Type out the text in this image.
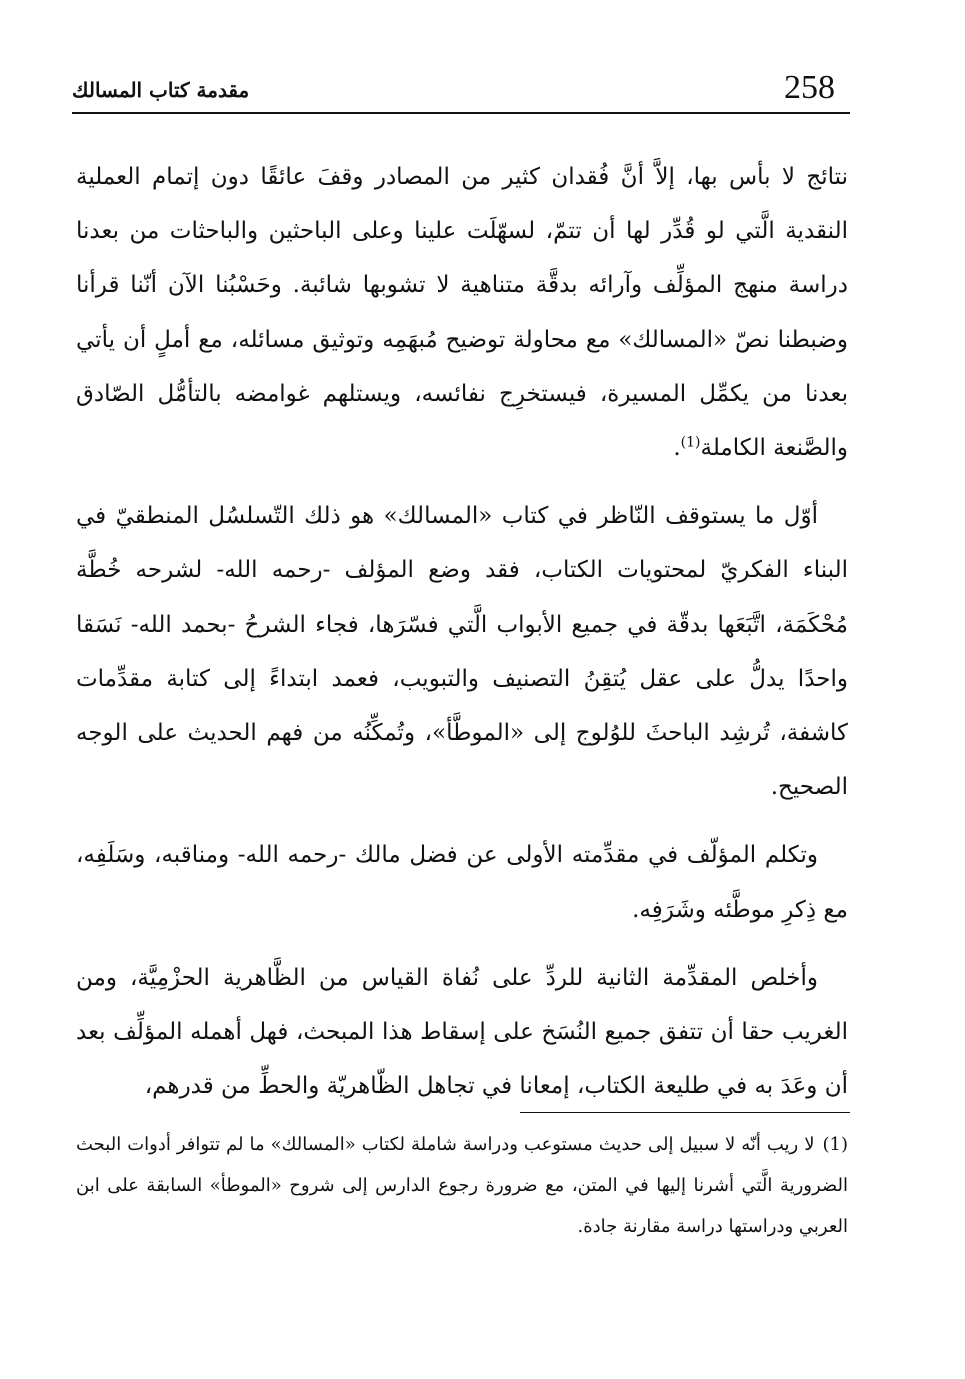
258
مقدمة كتاب المسالك

نتائج لا بأس بها، إلاَّ أنَّ فُقدان كثير من المصادر وقفَ عائقًا دون إتمام العملية النقدية الَّتي لو قُدِّر لها أن تتمّ، لسهّلَت علينا وعلى الباحثين والباحثات من بعدنا دراسة منهج المؤلِّف وآرائه بدقَّة متناهية لا تشوبها شائبة. وحَسْبُنا الآن أنّنا قرأنا وضبطنا نصّ «المسالك» مع محاولة توضيح مُبهَمِه وتوثيق مسائله، مع أملٍ أن يأتي بعدنا من يكمِّل المسيرة، فيستخرِج نفائسه، ويستلهم غوامضه بالتأمُّل الصّادق والصَّنعة الكاملة$^{(1)}$.

أوّل ما يستوقف النّاظر في كتاب «المسالك» هو ذلك التّسلسُل المنطقيّ في البناء الفكريّ لمحتويات الكتاب، فقد وضع المؤلف -رحمه الله- لشرحه خُطَّة مُحْكَمَة، اتَّبَعَها بدقّة في جميع الأبواب الَّتي فسّرَها، فجاء الشرحُ -بحمد الله- نَسَقا واحدًا يدلُّ على عقل يُتقِنُ التصنيف والتبويب، فعمد ابتداءً إلى كتابة مقدِّمات كاشفة، تُرشِد الباحثَ للوُلوج إلى «الموطَّأ»، وتُمكِّنُه من فهم الحديث على الوجه الصحيح.

وتكلم المؤلّف في مقدِّمته الأولى عن فضل مالك -رحمه الله- ومناقبه، وسَلَفِه، مع ذِكرِ موطَّئه وشَرَفِه.

وأخلص المقدِّمة الثانية للردِّ على نُفاة القياس من الظَّاهرية الحزْمِيَّة، ومن الغريب حقا أن تتفق جميع النُسَخ على إسقاط هذا المبحث، فهل أهمله المؤلِّف بعد أن وعَدَ به في طليعة الكتاب، إمعانا في تجاهل الظّاهريّة والحطِّ من قدرهم،

(1)لا ريب أنّه لا سبيل إلى حديث مستوعب ودراسة شاملة لكتاب «المسالك» ما لم تتوافر أدوات البحث الضرورية الَّتي أشرنا إليها في المتن، مع ضرورة رجوع الدارس إلى شروح «الموطأ» السابقة على ابن العربي ودراستها دراسة مقارنة جادة.
